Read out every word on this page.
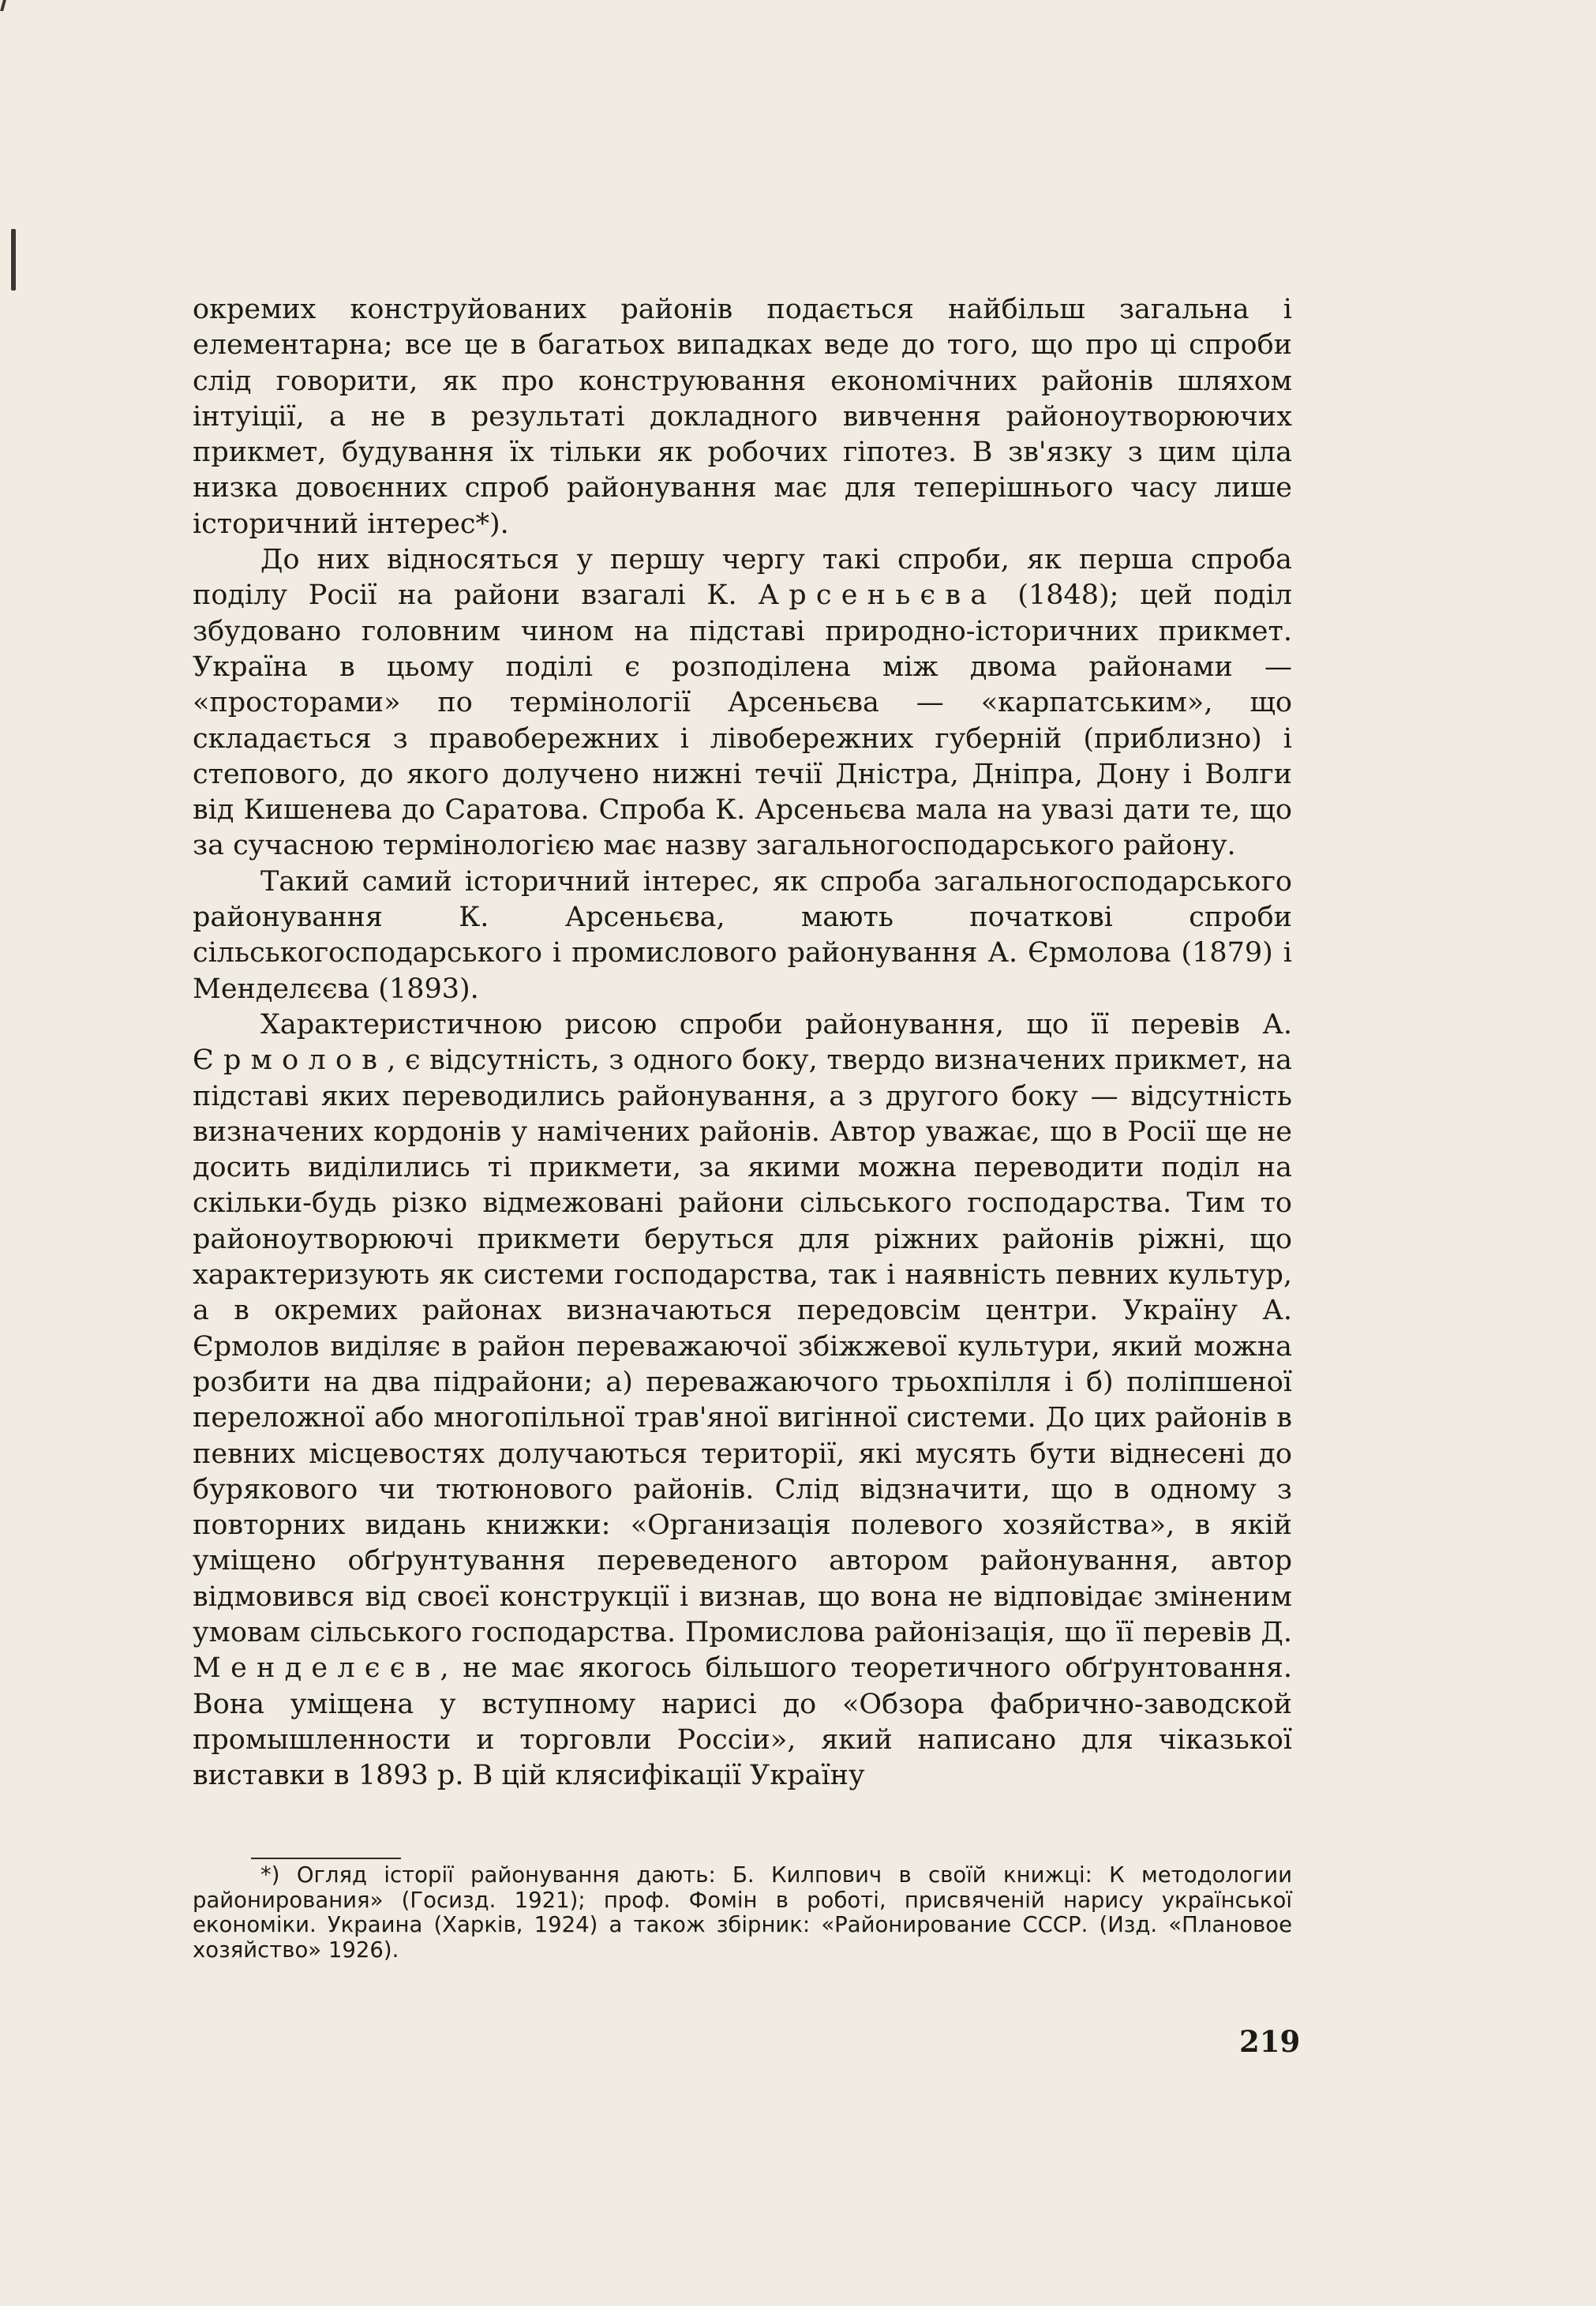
окремих конструйованих районів подається найбільш загальна і елементарна; все це в багатьох випадках веде до того, що про ці спроби слід говорити, як про конструювання економічних районів шляхом інтуіції, а не в результаті докладного вивчення районоутворюючих прикмет, будування їх тільки як робочих гіпотез. В зв'язку з цим ціла низка довоєнних спроб районування має для теперішнього часу лише історичний інтерес*).

До них відносяться у першу чергу такі спроби, як перша спроба поділу Росії на райони взагалі К. Арсеньєва (1848); цей поділ збудовано головним чином на підставі природно-історичних прикмет. Україна в цьому поділі є розподілена між двома районами — «просторами» по термінології Арсеньєва — «карпатським», що складається з правобережних і лівобережних губерній (приблизно) і степового, до якого долучено нижні течії Дністра, Дніпра, Дону і Волги від Кишенева до Саратова. Спроба К. Арсеньєва мала на увазі дати те, що за сучасною термінологією має назву загальногосподарського району.

Такий самий історичний інтерес, як спроба загальногосподарського районування К. Арсеньєва, мають початкові спроби сільськогосподарського і промислового районування А. Єрмолова (1879) і Менделєєва (1893).

Характеристичною рисою спроби районування, що її перевів А. Єрмолов, є відсутність, з одного боку, твердо визначених прикмет, на підставі яких переводились районування, а з другого боку — відсутність визначених кордонів у намічених районів. Автор уважає, що в Росії ще не досить виділились ті прикмети, за якими можна переводити поділ на скільки-будь різко відмежовані райони сільського господарства. Тим то районоутворюючі прикмети беруться для ріжних районів ріжні, що характеризують як системи господарства, так і наявність певних культур, а в окремих районах визначаються передовсім центри. Україну А. Єрмолов виділяє в район переважаючої збіжжевої культури, який можна розбити на два підрайони; а) переважаючого трьохпілля і б) поліпшеної переложної або многопільної трав'яної вигінної системи. До цих районів в певних місцевостях долучаються території, які мусять бути віднесені до бурякового чи тютюнового районів. Слід відзначити, що в одному з повторних видань книжки: «Организація полевого хозяйства», в якій уміщено обґрунтування переведеного автором районування, автор відмовився від своєї конструкції і визнав, що вона не відповідає зміненим умовам сільського господарства. Промислова районізація, що її перевів Д. Менделєєв, не має якогось більшого теоретичного обґрунтовання. Вона уміщена у вступному нарисі до «Обзора фабрично-заводской промышленности и торговли Россіи», який написано для чіказької виставки в 1893 р. В цій клясифікації Україну

*) Огляд історії районування дають: Б. Килпович в своїй книжці: К методологии районирования» (Госизд. 1921); проф. Фомін в роботі, присвяченій нарису української економіки. Украина (Харків, 1924) а також збірник: «Районирование СССР. (Изд. «Плановое хозяйство» 1926).

219
